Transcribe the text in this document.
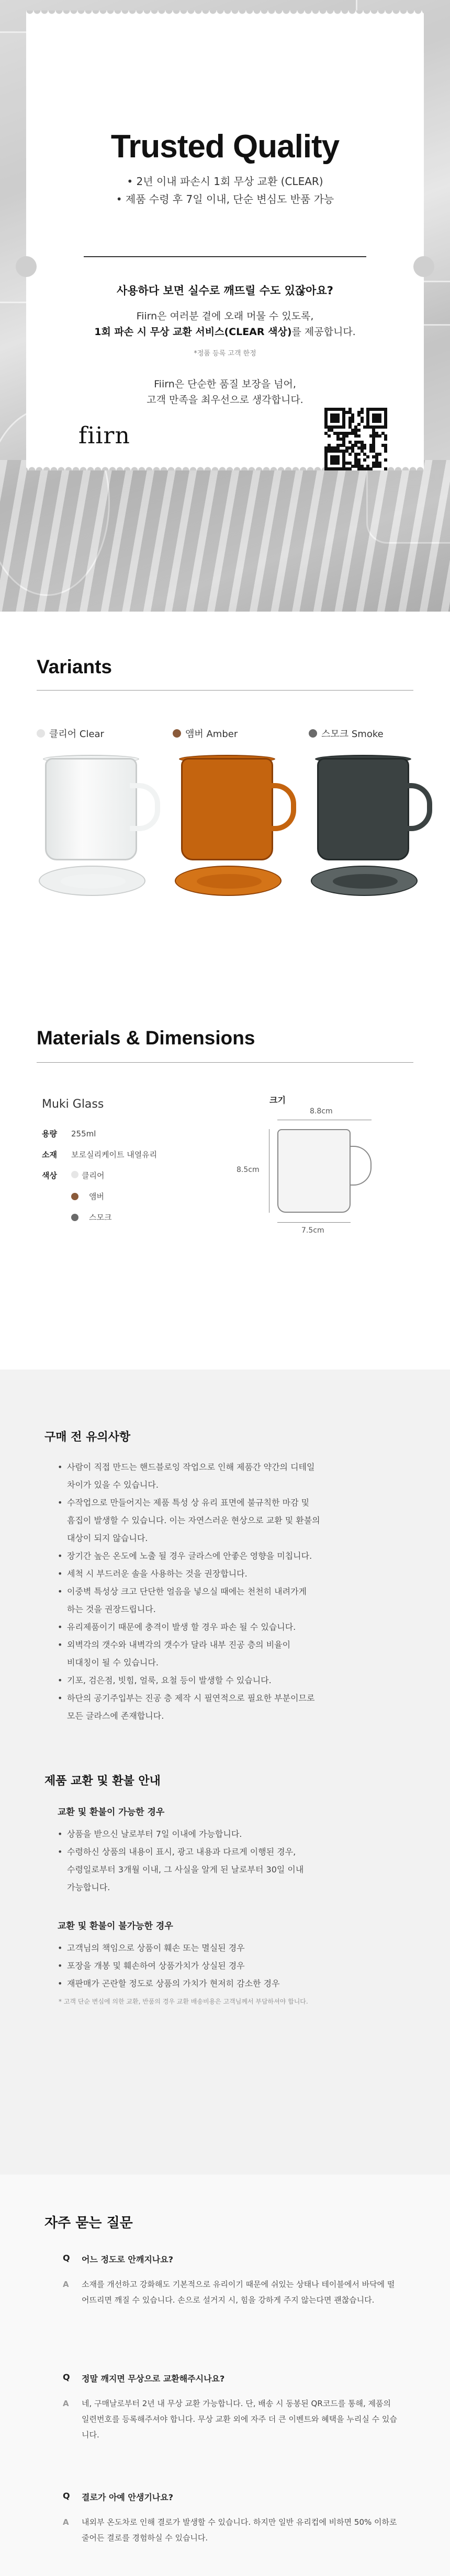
Trusted Quality
• 2년 이내 파손시 1회 무상 교환 (CLEAR)
• 제품 수령 후 7일 이내, 단순 변심도 반품 가능
사용하다 보면 실수로 깨뜨릴 수도 있잖아요?
Fiirn은 여러분 곁에 오래 머물 수 있도록,
1회 파손 시 무상 교환 서비스(CLEAR 색상)를 제공합니다.
*정품 등록 고객 한정
Fiirn은 단순한 품질 보장을 넘어,
고객 만족을 최우선으로 생각합니다.
fiirn
Variants
클리어 Clear	앰버 Amber	스모크 Smoke
Materials & Dimensions
Muki Glass
용량	255ml
소재	보로실리케이트 내열유리
색상	클리어
앰버
스모크
크기
8.8cm
8.5cm
7.5cm
구매 전 유의사항
• 사람이 직접 만드는 핸드블로잉 작업으로 인해 제품간 약간의 디테일
차이가 있을 수 있습니다.
• 수작업으로 만들어지는 제품 특성 상 유리 표면에 불규칙한 마감 및
흠집이 발생할 수 있습니다. 이는 자연스러운 현상으로 교환 및 환불의
대상이 되지 않습니다.
• 장기간 높은 온도에 노출 될 경우 글라스에 안좋은 영향을 미칩니다.
• 세척 시 부드러운 솔을 사용하는 것을 권장합니다.
• 이중벽 특성상 크고 단단한 얼음을 넣으실 때에는 천천히 내려가게
하는 것을 권장드립니다.
• 유리제품이기 때문에 충격이 발생 할 경우 파손 될 수 있습니다.
• 외벽각의 갯수와 내벽각의 갯수가 달라 내부 진공 층의 비율이
비대칭이 될 수 있습니다.
• 기포, 검은점, 빗힘, 얼룩, 요철 등이 발생할 수 있습니다.
• 하단의 공기주입부는 진공 층 제작 시 필연적으로 필요한 부분이므로
모든 글라스에 존재합니다.
제품 교환 및 환불 안내
교환 및 환불이 가능한 경우
• 상품을 받으신 날로부터 7일 이내에 가능합니다.
• 수령하신 상품의 내용이 표시, 광고 내용과 다르게 이행된 경우,
수령일로부터 3개월 이내, 그 사실을 알게 된 날로부터 30일 이내
가능합니다.
교환 및 환불이 불가능한 경우
• 고객님의 책임으로 상품이 훼손 또는 멸실된 경우
• 포장을 개봉 및 훼손하여 상품가치가 상실된 경우
• 재판매가 곤란할 정도로 상품의 가치가 현저히 감소한 경우
* 고객 단순 변심에 의한 교환, 반품의 경우 교환 배송비용은 고객님께서 부담하셔야 합니다.
자주 묻는 질문
Q 어느 정도로 안깨지나요?
A 소재를 개선하고 강화해도 기본적으로 유리이기 때문에 쉬있는 상태나 테이블에서 바닥에 떨어뜨리면 깨질 수 있습니다. 손으로 설거지 시, 힘을 강하게 주지 않는다면 괜찮습니다.
Q 정말 깨지면 무상으로 교환해주시나요?
A 네, 구매날로부터 2년 내 무상 교환 가능합니다. 단, 배송 시 동봉된 QR코드를 통해, 제품의 일련번호를 등록해주셔야 합니다. 무상 교환 외에 자주 더 큰 이벤트와 혜택을 누리실 수 있습니다.
Q 결로가 아예 안생기나요?
A 내외부 온도차로 인해 결로가 발생할 수 있습니다. 하지만 일반 유리컵에 비하면 50% 이하로 줄어든 결로를 경험하실 수 있습니다.
